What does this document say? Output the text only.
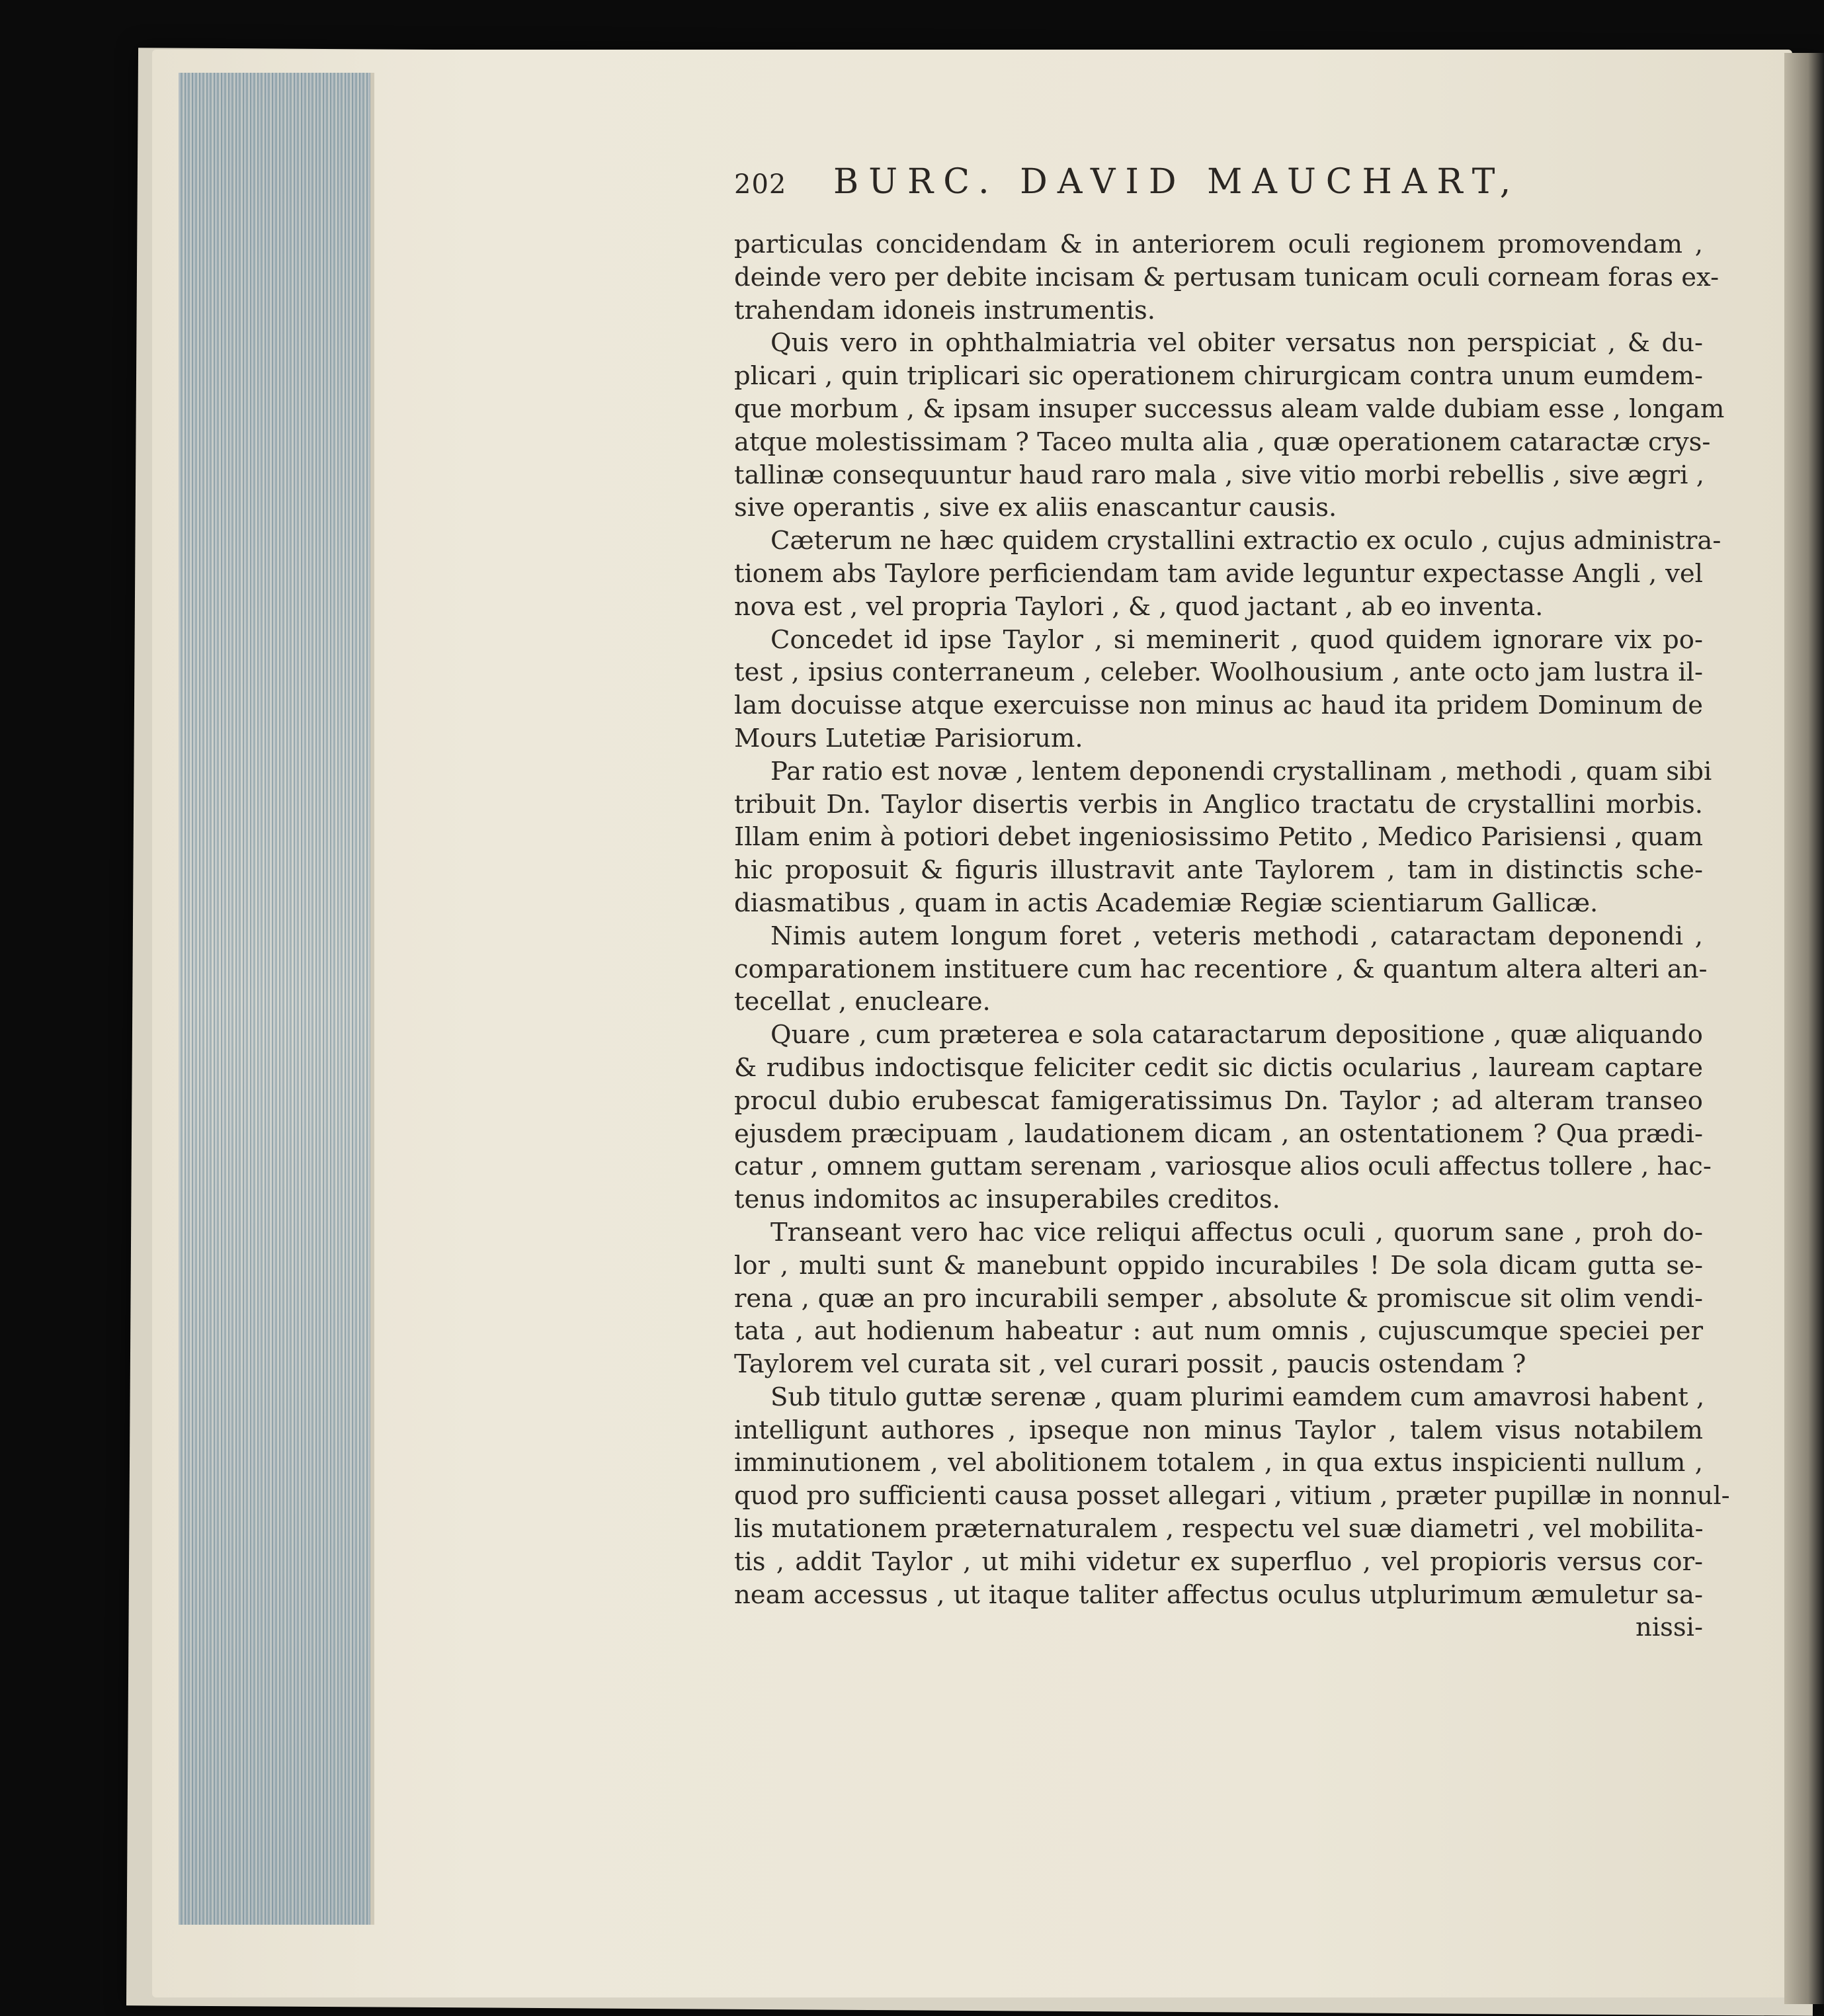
202	BURC. DAVID MAUCHART,
particulas concidendam & in anteriorem oculi regionem promovendam ,
deinde vero per debite incisam & pertusam tunicam oculi corneam foras ex-
trahendam idoneis instrumentis.
Quis vero in ophthalmiatria vel obiter versatus non perspiciat , & du-
plicari , quin triplicari sic operationem chirurgicam contra unum eumdem-
que morbum , & ipsam insuper successus aleam valde dubiam esse , longam
atque molestissimam ? Taceo multa alia , quæ operationem cataractæ crys-
tallinæ consequuntur haud raro mala , sive vitio morbi rebellis , sive ægri ,
sive operantis , sive ex aliis enascantur causis.
Cæterum ne hæc quidem crystallini extractio ex oculo , cujus administra-
tionem abs Taylore perficiendam tam avide leguntur expectasse Angli , vel
nova est , vel propria Taylori , & , quod jactant , ab eo inventa.
Concedet id ipse Taylor , si meminerit , quod quidem ignorare vix po-
test , ipsius conterraneum , celeber. Woolhousium , ante octo jam lustra il-
lam docuisse atque exercuisse non minus ac haud ita pridem Dominum de
Mours Lutetiæ Parisiorum.
Par ratio est novæ , lentem deponendi crystallinam , methodi , quam sibi
tribuit Dn. Taylor disertis verbis in Anglico tractatu de crystallini morbis.
Illam enim à potiori debet ingeniosissimo Petito , Medico Parisiensi , quam
hic proposuit & figuris illustravit ante Taylorem , tam in distinctis sche-
diasmatibus , quam in actis Academiæ Regiæ scientiarum Gallicæ.
Nimis autem longum foret , veteris methodi , cataractam deponendi ,
comparationem instituere cum hac recentiore , & quantum altera alteri an-
tecellat , enucleare.
Quare , cum præterea e sola cataractarum depositione , quæ aliquando
& rudibus indoctisque feliciter cedit sic dictis ocularius , lauream captare
procul dubio erubescat famigeratissimus Dn. Taylor ; ad alteram transeo
ejusdem præcipuam , laudationem dicam , an ostentationem ? Qua prædi-
catur , omnem guttam serenam , variosque alios oculi affectus tollere , hac-
tenus indomitos ac insuperabiles creditos.
Transeant vero hac vice reliqui affectus oculi , quorum sane , proh do-
lor , multi sunt & manebunt oppido incurabiles ! De sola dicam gutta se-
rena , quæ an pro incurabili semper , absolute & promiscue sit olim vendi-
tata , aut hodienum habeatur : aut num omnis , cujuscumque speciei per
Taylorem vel curata sit , vel curari possit , paucis ostendam ?
Sub titulo guttæ serenæ , quam plurimi eamdem cum amavrosi habent ,
intelligunt authores , ipseque non minus Taylor , talem visus notabilem
imminutionem , vel abolitionem totalem , in qua extus inspicienti nullum ,
quod pro sufficienti causa posset allegari , vitium , præter pupillæ in nonnul-
lis mutationem præternaturalem , respectu vel suæ diametri , vel mobilita-
tis , addit Taylor , ut mihi videtur ex superfluo , vel propioris versus cor-
neam accessus , ut itaque taliter affectus oculus utplurimum æmuletur sa-
nissi-
